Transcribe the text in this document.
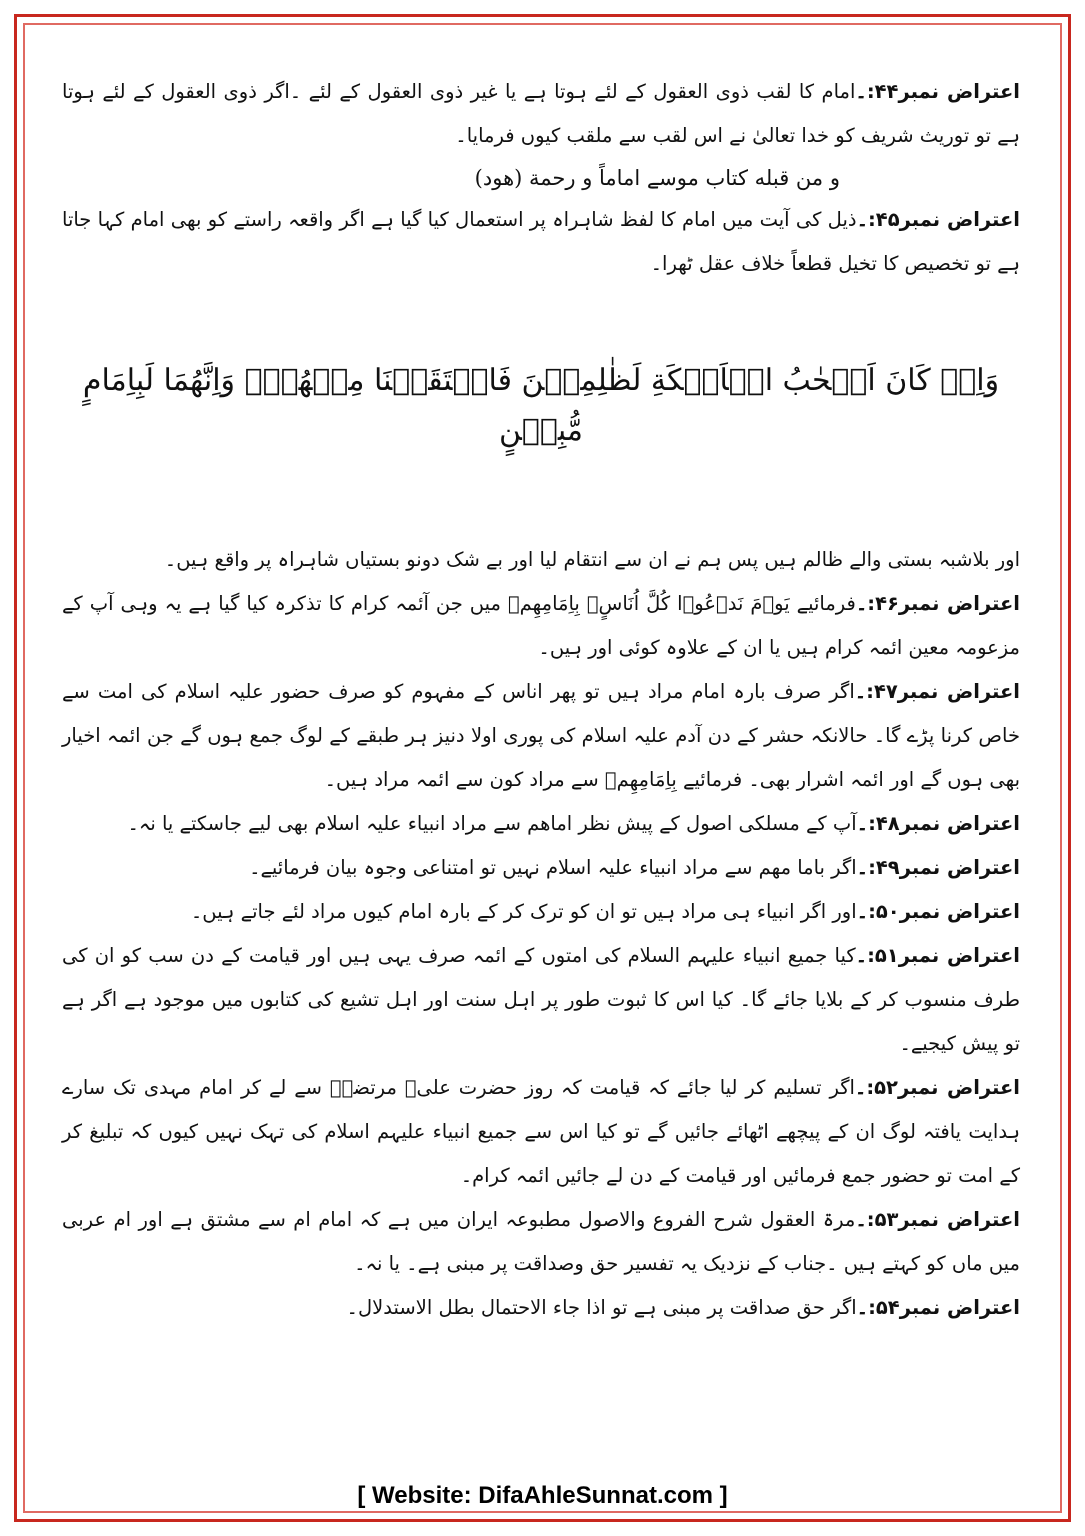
اعتراض نمبر۴۴:۔امام کا لقب ذوی العقول کے لئے ہوتا ہے یا غیر ذوی العقول کے لئے ۔اگر ذوی العقول کے لئے ہوتا ہے تو توریث شریف کو خدا تعالیٰ نے اس لقب سے ملقب کیوں فرمایا۔

و من قبله كتاب موسے اماماً و رحمة (هود)

اعتراض نمبر۴۵:۔ذیل کی آیت میں امام کا لفظ شاہراہ پر استعمال کیا گیا ہے اگر واقعہ راستے کو بھی امام کہا جاتا ہے تو تخصیص کا تخیل قطعاً خلاف عقل ٹھرا۔

وَاِنۡ كَانَ اَصۡحٰبُ الۡاَيۡكَةِ لَظٰلِمِيۡنَ فَانۡتَقَمۡنَا مِنۡهُمۡ‌ۘ وَاِنَّهُمَا لَبِاِمَامٍ مُّبِيۡنٍ

اور بلاشبہ بستی والے ظالم ہیں پس ہم نے ان سے انتقام لیا اور بے شک دونو بستیاں شاہراہ پر واقع ہیں۔

اعتراض نمبر۴۶:۔فرمائیے یَوۡمَ نَدۡعُوۡا کُلَّ اُنَاسٍۭ بِاِمَامِهِمۡ میں جن آئمہ کرام کا تذکرہ کیا گیا ہے یہ وہی آپ کے مزعومہ معین ائمہ کرام ہیں یا ان کے علاوہ کوئی اور ہیں۔

اعتراض نمبر۴۷:۔اگر صرف بارہ امام مراد ہیں تو پھر اناس کے مفہوم کو صرف حضور علیہ اسلام کی امت سے خاص کرنا پڑے گا۔ حالانکہ حشر کے دن آدم علیہ اسلام کی پوری اولا دنیز ہر طبقے کے لوگ جمع ہوں گے جن ائمہ اخیار بھی ہوں گے اور ائمہ اشرار بھی۔ فرمائیے بِاِمَامِهِمۡ سے مراد کون سے ائمہ مراد ہیں۔

اعتراض نمبر۴۸:۔آپ کے مسلکی اصول کے پیش نظر اماهم سے مراد انبیاء علیہ اسلام بھی لیے جاسکتے یا نہ۔

اعتراض نمبر۴۹:۔اگر باما مهم سے مراد انبیاء علیہ اسلام نہیں تو امتناعی وجوہ بیان فرمائیے۔

اعتراض نمبر۵۰:۔اور اگر انبیاء ہی مراد ہیں تو ان کو ترک کر کے بارہ امام کیوں مراد لئے جاتے ہیں۔

اعتراض نمبر۵۱:۔کیا جمیع انبیاء علیہم السلام کی امتوں کے ائمہ صرف یہی ہیں اور قیامت کے دن سب کو ان کی طرف منسوب کر کے بلایا جائے گا۔ کیا اس کا ثبوت طور پر اہل سنت اور اہل تشیع کی کتابوں میں موجود ہے اگر ہے تو پیش کیجیے۔

اعتراض نمبر۵۲:۔اگر تسلیم کر لیا جائے کہ قیامت کہ روز حضرت علیؓ مرتضےؓ سے لے کر امام مہدی تک سارے ہدایت یافتہ لوگ ان کے پیچھے اٹھائے جائیں گے تو کیا اس سے جمیع انبیاء علیہم اسلام کی تہک نہیں کیوں کہ تبلیغ کر کے امت تو حضور جمع فرمائیں اور قیامت کے دن لے جائیں ائمہ کرام۔

اعتراض نمبر۵۳:۔مرۃ العقول شرح الفروع والاصول مطبوعہ ایران میں ہے کہ امام ام سے مشتق ہے اور ام عربی میں ماں کو کہتے ہیں ۔جناب کے نزدیک یہ تفسیر حق وصداقت پر مبنی ہے۔ یا نہ۔

اعتراض نمبر۵۴:۔اگر حق صداقت پر مبنی ہے تو اذا جاء الاحتمال بطل الاستدلال۔

[ Website: DifaAhleSunnat.com ]
